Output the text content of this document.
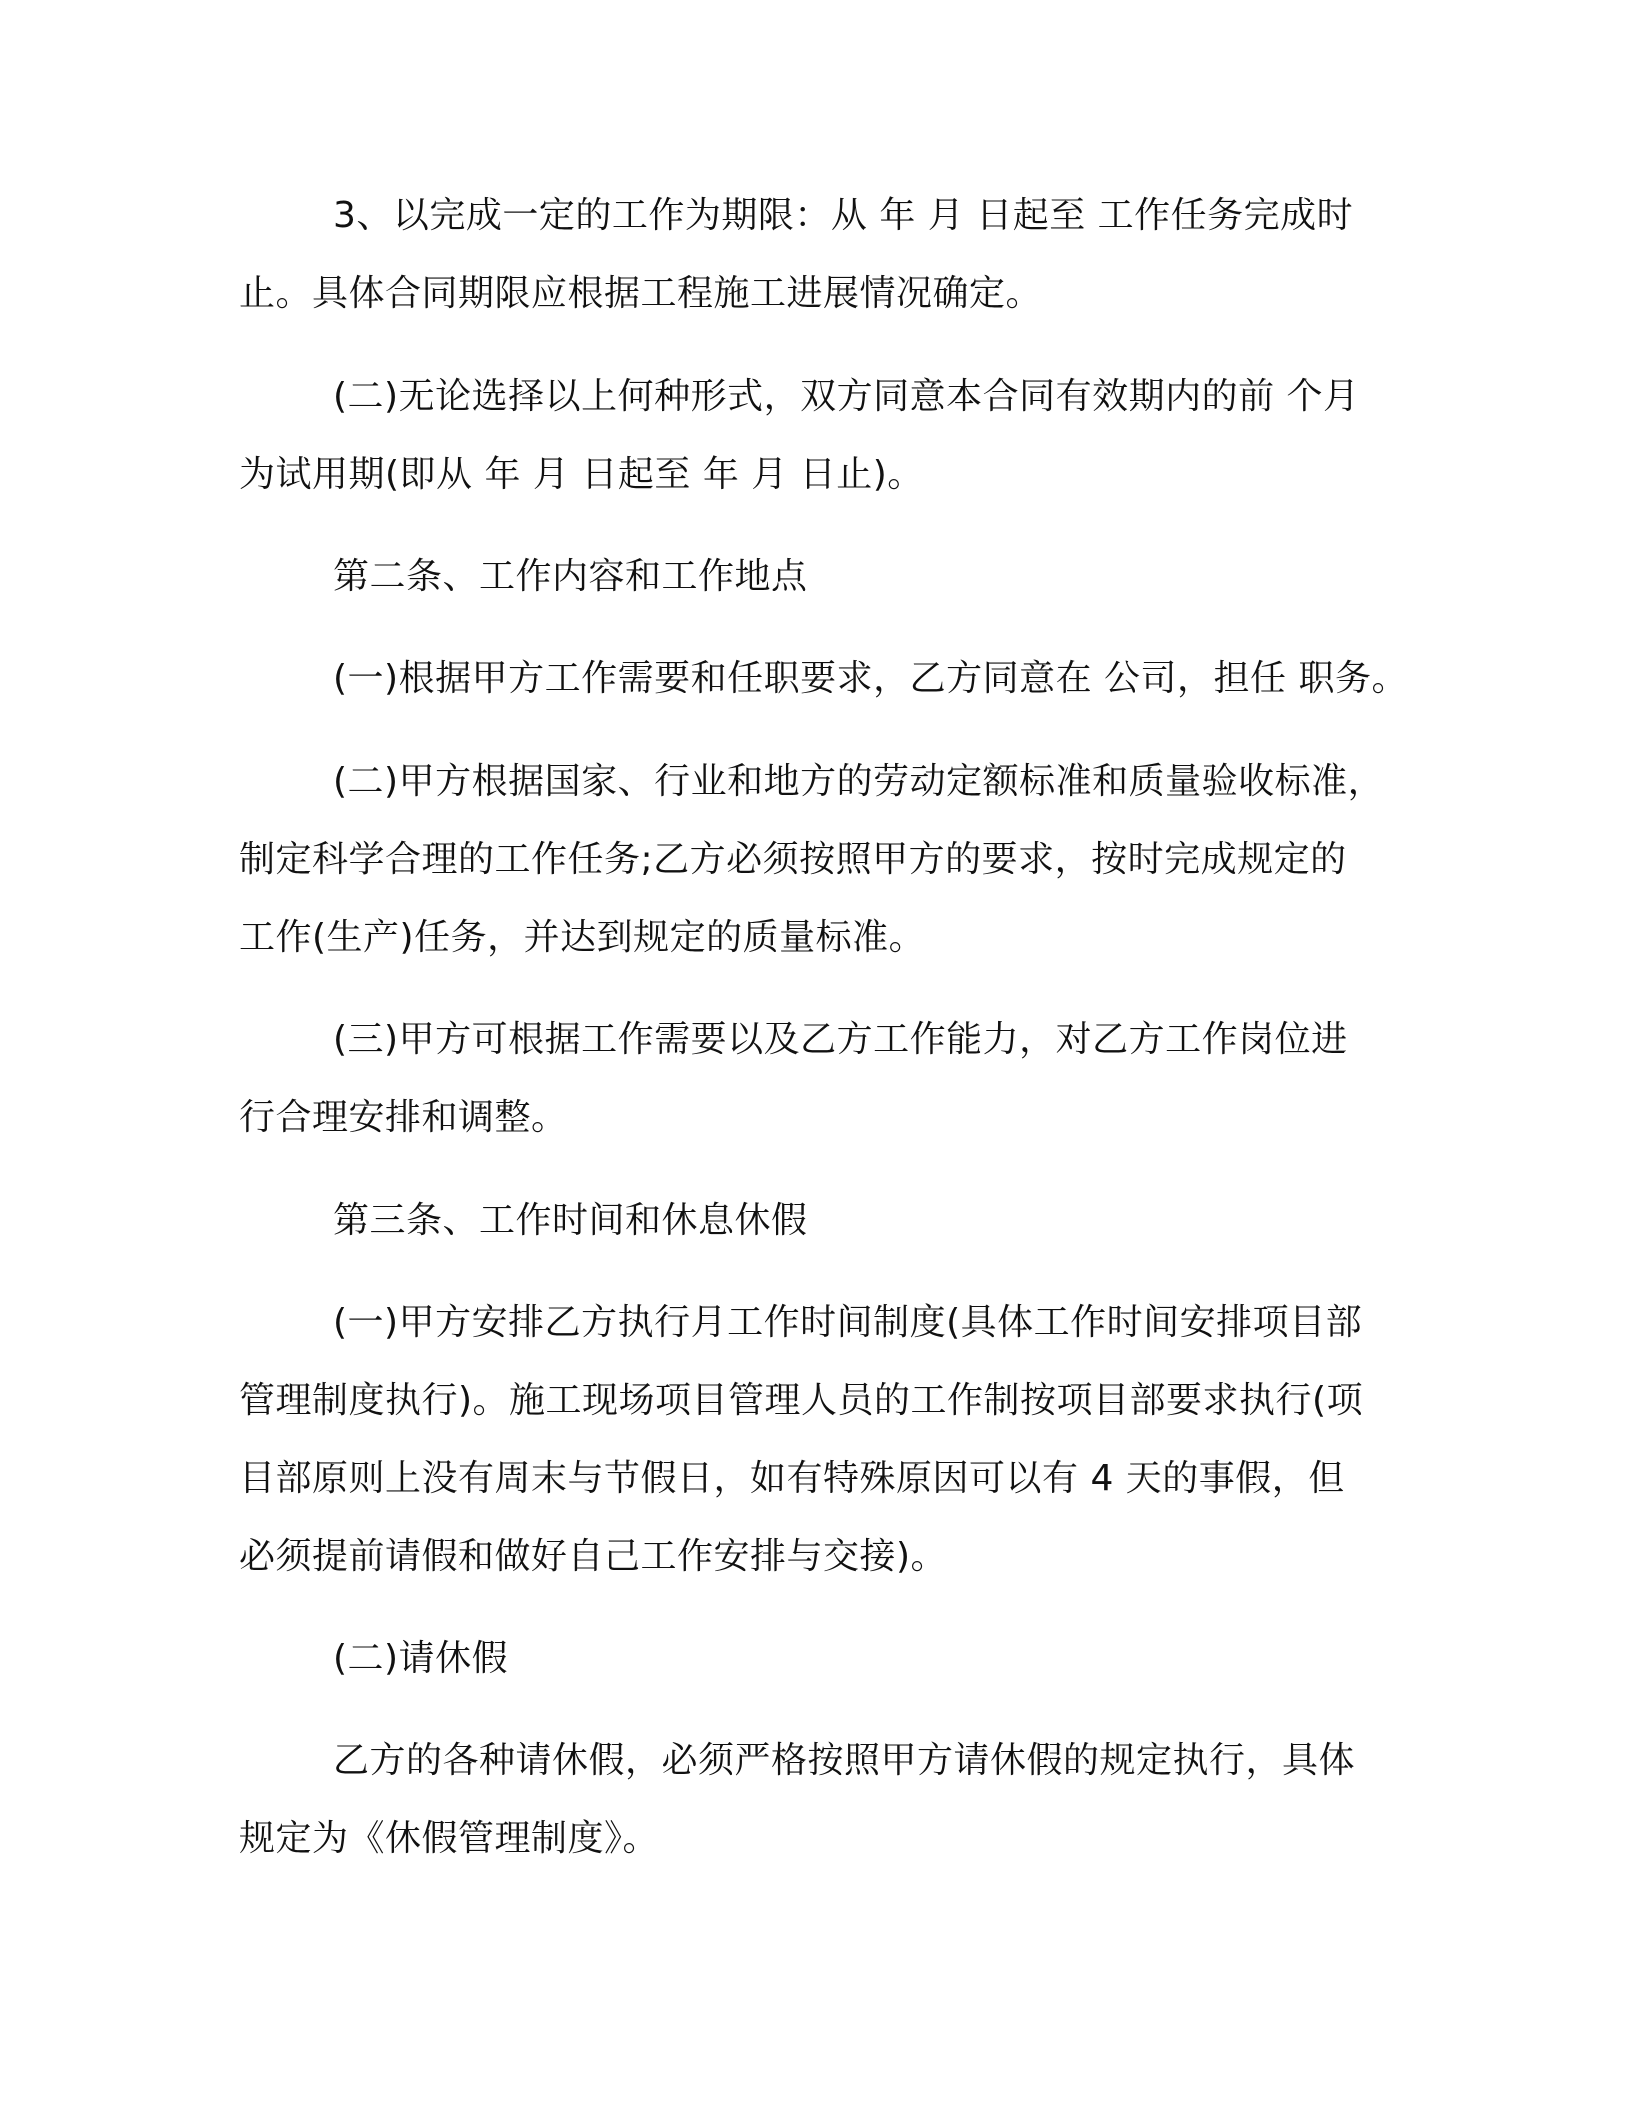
3、以完成一定的工作为期限：从 年 月 日起至 工作任务完成时
止。具体合同期限应根据工程施工进展情况确定。
(二)无论选择以上何种形式，双方同意本合同有效期内的前 个月
为试用期(即从 年 月 日起至 年 月 日止)。
第二条、工作内容和工作地点
(一)根据甲方工作需要和任职要求，乙方同意在 公司，担任 职务。
(二)甲方根据国家、行业和地方的劳动定额标准和质量验收标准，
制定科学合理的工作任务;乙方必须按照甲方的要求，按时完成规定的
工作(生产)任务，并达到规定的质量标准。
(三)甲方可根据工作需要以及乙方工作能力，对乙方工作岗位进
行合理安排和调整。
第三条、工作时间和休息休假
(一)甲方安排乙方执行月工作时间制度(具体工作时间安排项目部
管理制度执行)。施工现场项目管理人员的工作制按项目部要求执行(项
目部原则上没有周末与节假日，如有特殊原因可以有 4 天的事假，但
必须提前请假和做好自己工作安排与交接)。
(二)请休假
乙方的各种请休假，必须严格按照甲方请休假的规定执行，具体
规定为《休假管理制度》。
